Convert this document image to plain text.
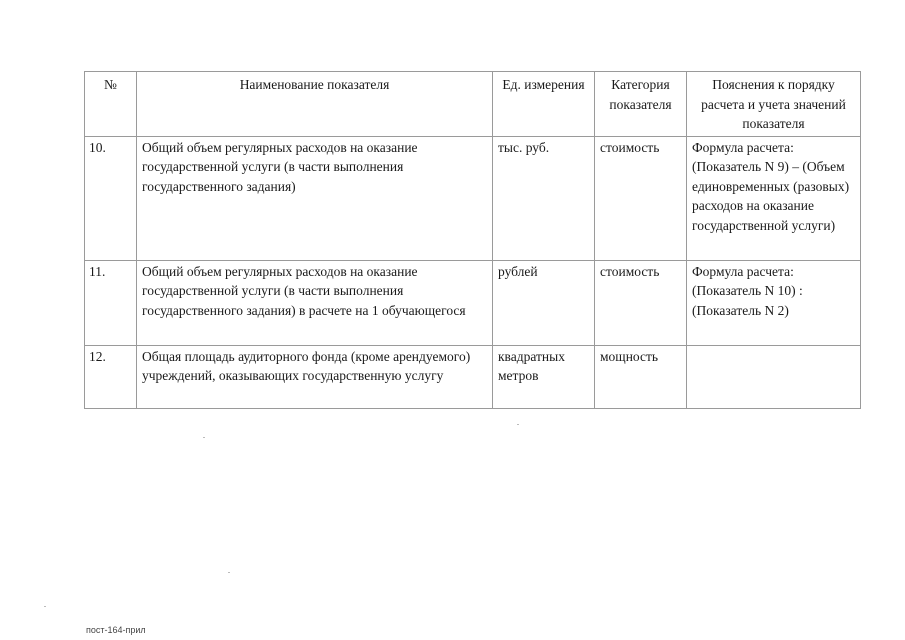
№	Наименование показателя	Ед. измерения	Категория показателя	Пояснения к порядку расчета и учета значений показателя
10.	Общий объем регулярных расходов на оказание государственной услуги (в части выполнения государственного задания)	тыс. руб.	стоимость	Формула расчета: (Показатель N 9) – (Объем единовременных (разовых) расходов на оказание государственной услуги)
11.	Общий объем регулярных расходов на оказание государственной услуги (в части выполнения государственного задания) в расчете на 1 обучающегося	рублей	стоимость	Формула расчета: (Показатель N 10) : (Показатель N 2)
12.	Общая площадь аудиторного фонда (кроме арендуемого) учреждений, оказывающих государственную услугу	квадратных метров	мощность	
пост-164-прил
